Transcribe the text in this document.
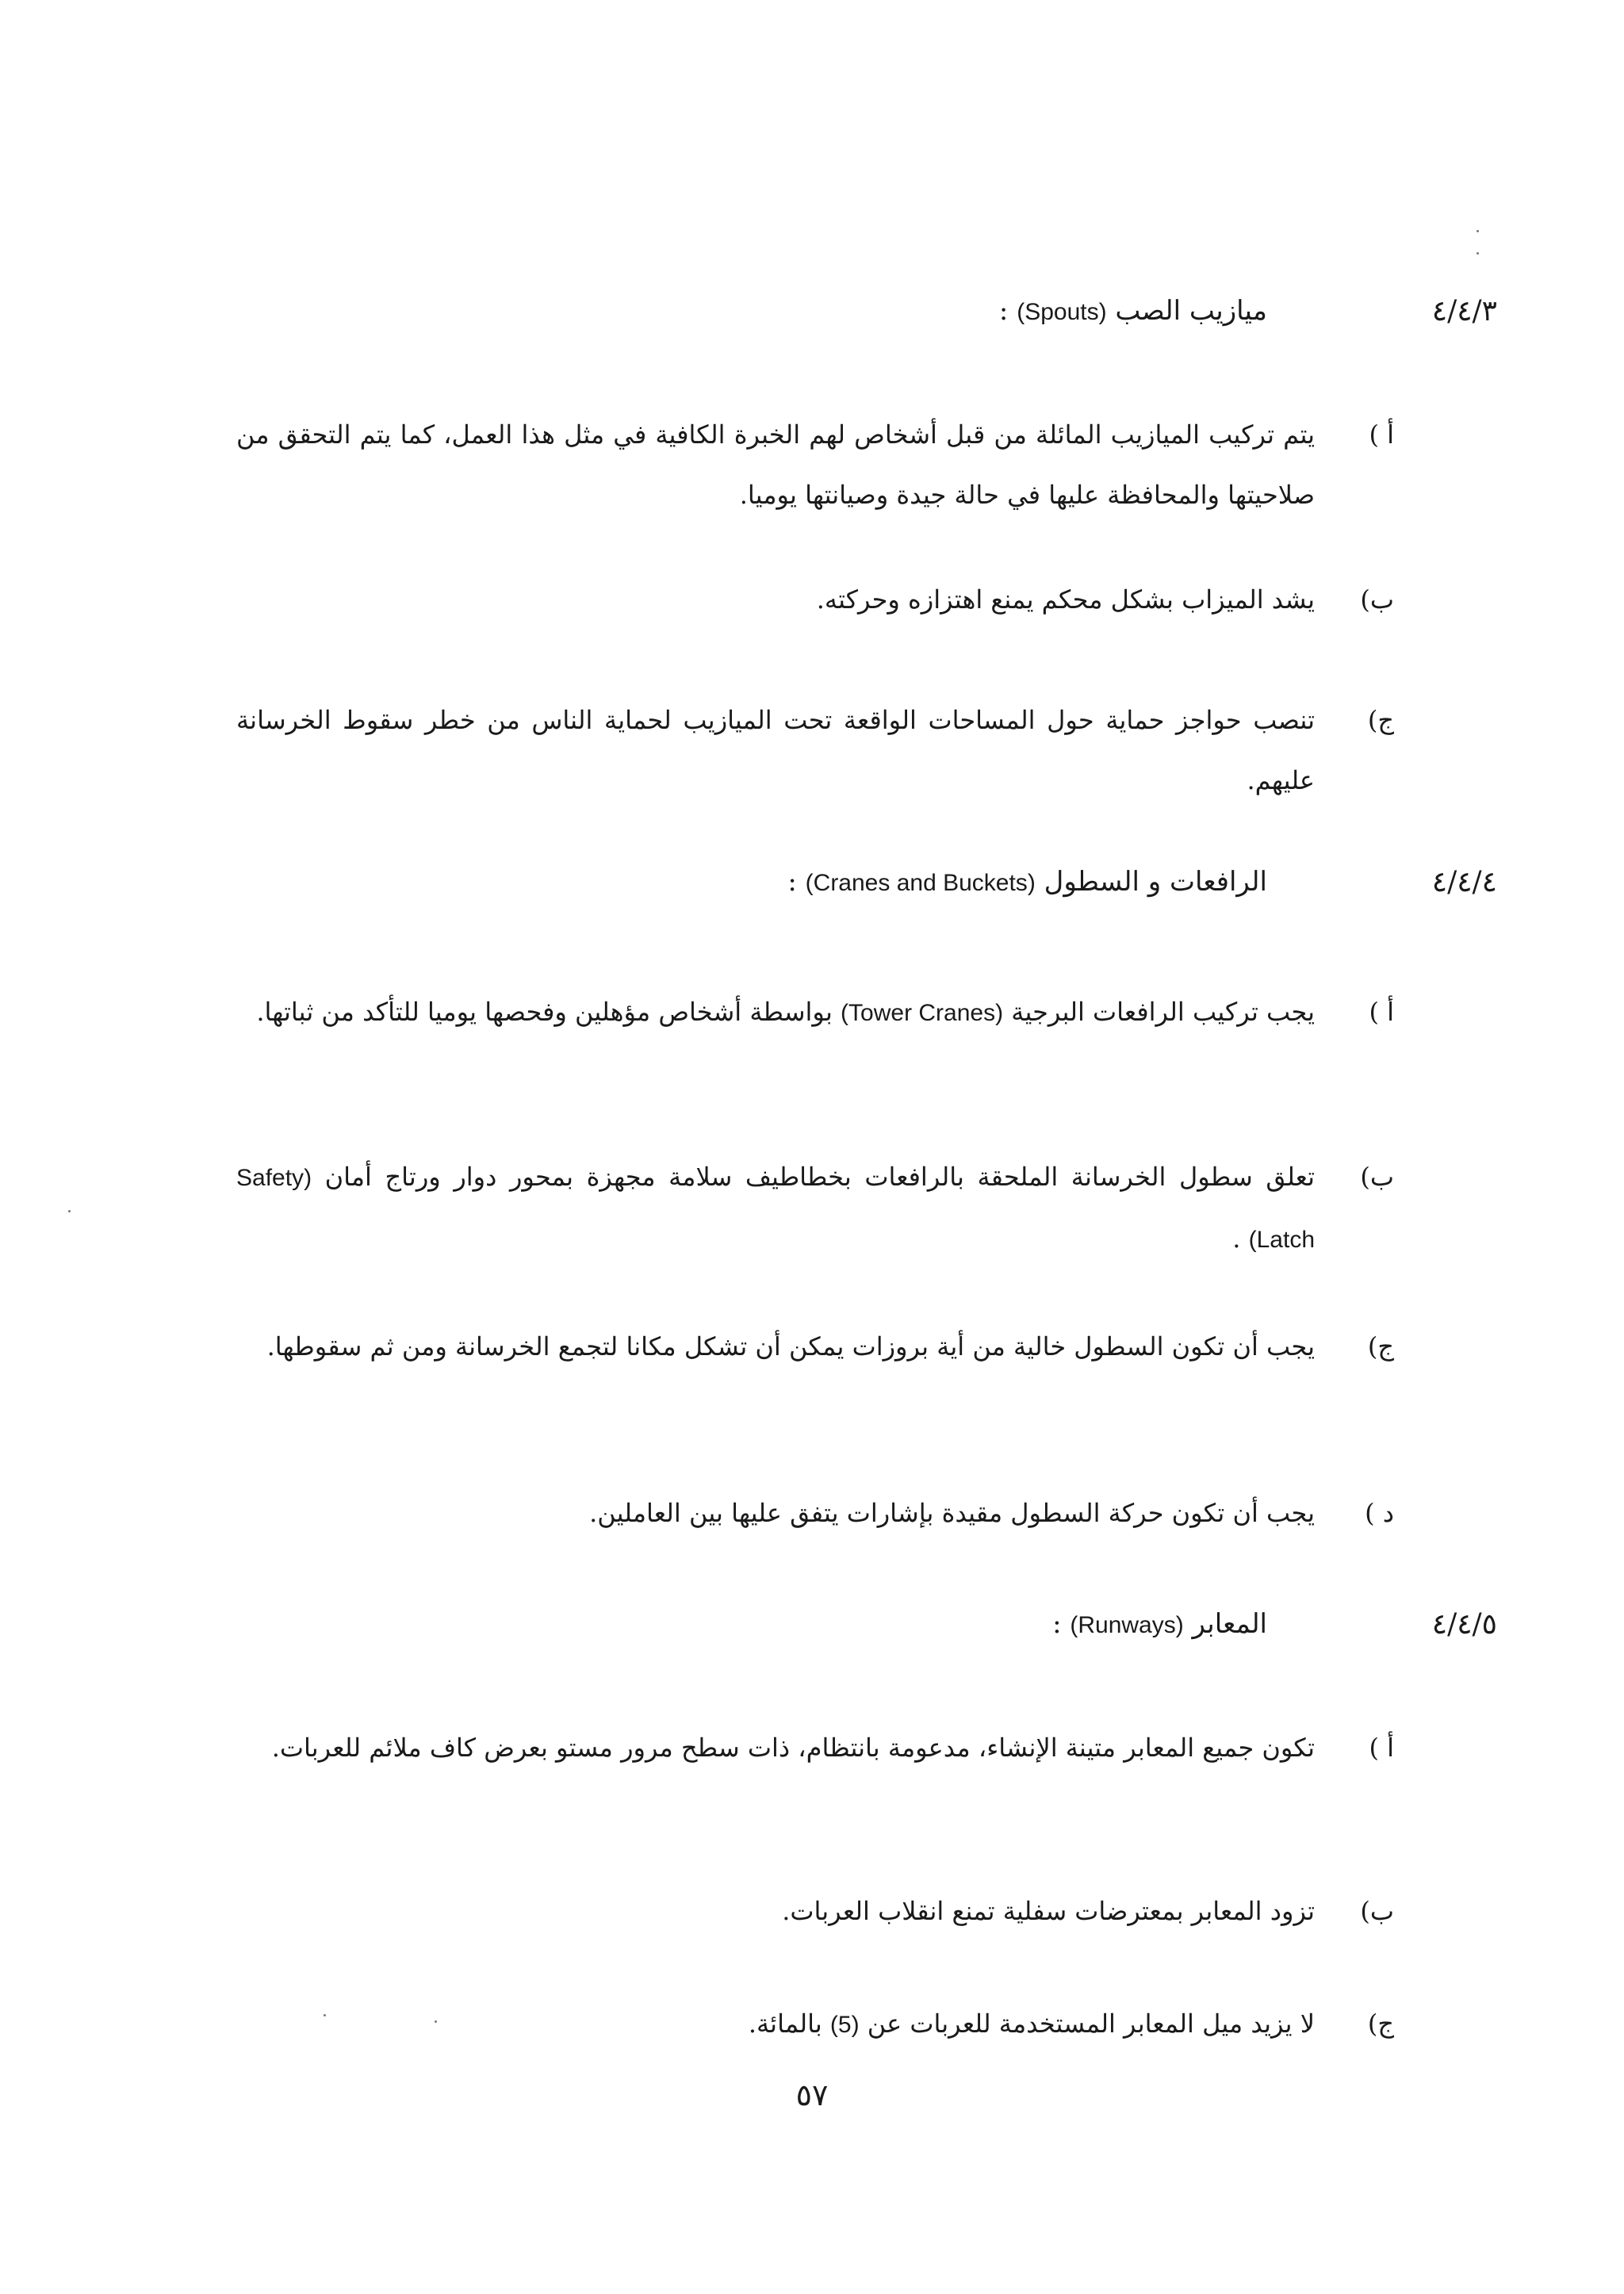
٤/٤/٣
ميازيب الصب (Spouts) :
أ )
يتم تركيب الميازيب المائلة من قبل أشخاص لهم الخبرة الكافية في مثل هذا العمل، كما يتم التحقق من صلاحيتها والمحافظة عليها في حالة جيدة وصيانتها يوميا.
ب)
يشد الميزاب بشكل محكم يمنع اهتزازه وحركته.
ج)
تنصب حواجز حماية حول المساحات الواقعة تحت الميازيب لحماية الناس من خطر سقوط الخرسانة عليهم.
٤/٤/٤
الرافعات و السطول (Cranes and Buckets) :
أ )
يجب تركيب الرافعات البرجية (Tower Cranes) بواسطة أشخاص مؤهلين وفحصها يوميا للتأكد من ثباتها.
ب)
تعلق سطول الخرسانة الملحقة بالرافعات بخطاطيف سلامة مجهزة بمحور دوار ورتاج أمان (Safety Latch) .
ج)
يجب أن تكون السطول خالية من أية بروزات يمكن أن تشكل مكانا لتجمع الخرسانة ومن ثم سقوطها.
د )
يجب أن تكون حركة السطول مقيدة بإشارات يتفق عليها بين العاملين.
٤/٤/٥
المعابر (Runways) :
أ )
تكون جميع المعابر متينة الإنشاء، مدعومة بانتظام، ذات سطح مرور مستو بعرض كاف ملائم للعربات.
ب)
تزود المعابر بمعترضات سفلية تمنع انقلاب العربات.
ج)
لا يزيد ميل المعابر المستخدمة للعربات عن (5) بالمائة.
٥٧
